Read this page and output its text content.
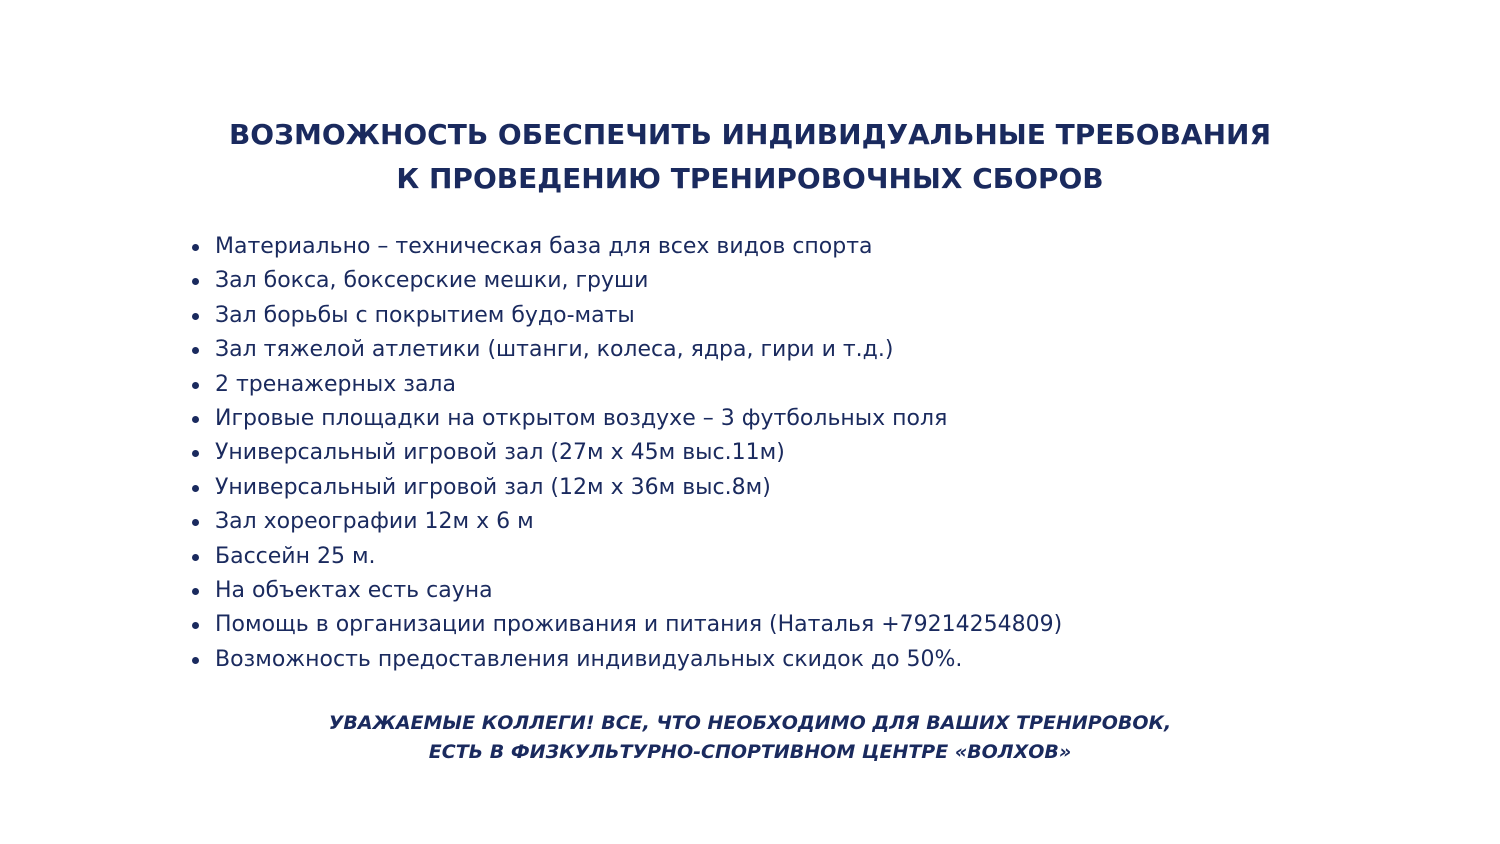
ВОЗМОЖНОСТЬ ОБЕСПЕЧИТЬ ИНДИВИДУАЛЬНЫЕ ТРЕБОВАНИЯ
К ПРОВЕДЕНИЮ ТРЕНИРОВОЧНЫХ СБОРОВ
Материально – техническая база для всех видов спорта
Зал бокса, боксерские мешки, груши
Зал борьбы с покрытием будо-маты
Зал тяжелой атлетики (штанги, колеса, ядра, гири и т.д.)
2 тренажерных зала
Игровые площадки на открытом воздухе – 3 футбольных поля
Универсальный игровой зал (27м х 45м выс.11м)
Универсальный игровой зал (12м х 36м выс.8м)
Зал хореографии 12м х 6 м
Бассейн 25 м.
На объектах есть сауна
Помощь в организации проживания и питания (Наталья +79214254809)
Возможность предоставления индивидуальных скидок до 50%.
УВАЖАЕМЫЕ КОЛЛЕГИ! ВСЕ, ЧТО НЕОБХОДИМО ДЛЯ ВАШИХ ТРЕНИРОВОК,
ЕСТЬ В ФИЗКУЛЬТУРНО-СПОРТИВНОМ ЦЕНТРЕ «ВОЛХОВ»
